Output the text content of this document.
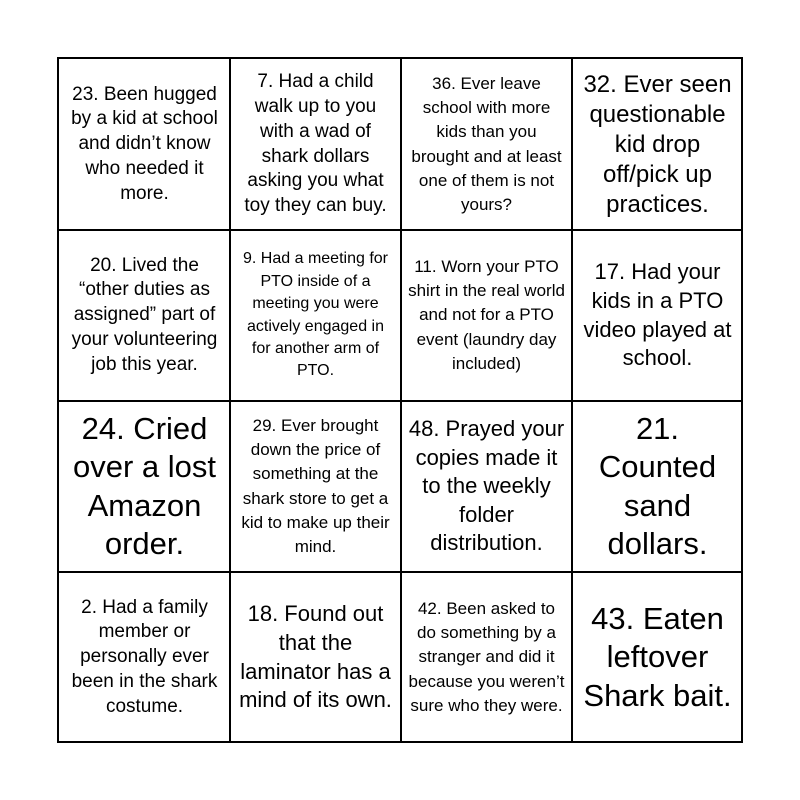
23. Been hugged by a kid at school and didn’t know who needed it more.
7. Had a child walk up to you with a wad of shark dollars asking you what toy they can buy.
36. Ever leave school with more kids than you brought and at least one of them is not yours?
32. Ever seen questionable kid drop off/pick up practices.
20. Lived the “other duties as assigned” part of your volunteering job this year.
9. Had a meeting for PTO inside of a meeting you were actively engaged in for another arm of PTO.
11. Worn your PTO shirt in the real world and not for a PTO event (laundry day included)
17. Had your kids in a PTO video played at school.
24. Cried over a lost Amazon order.
29. Ever brought down the price of something at the shark store to get a kid to make up their mind.
48. Prayed your copies made it to the weekly folder distribution.
21. Counted sand dollars.
2. Had a family member or personally ever been in the shark costume.
18. Found out that the laminator has a mind of its own.
42. Been asked to do something by a stranger and did it because you weren’t sure who they were.
43. Eaten leftover Shark bait.
